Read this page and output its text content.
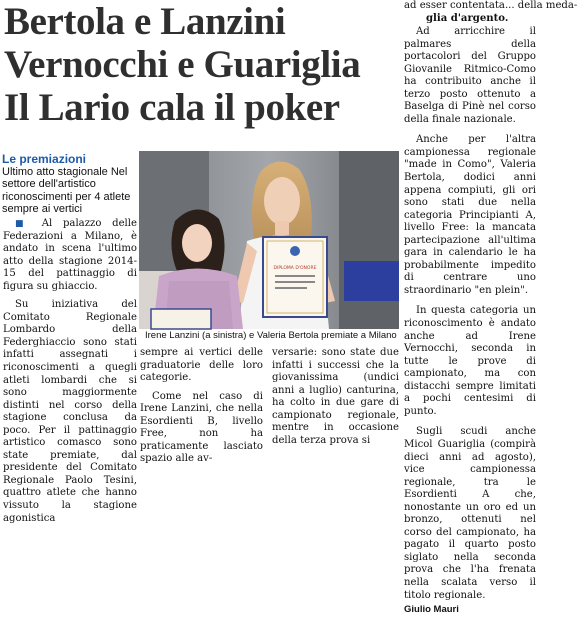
Bertola e Lanzini
Vernocchi e Guariglia
Il Lario cala il poker
ad esser contentata... della meda-
glia d'argento.

Ad arricchire il palmares della portacolori del Gruppo Giovanile Ritmico-Como ha contribuito anche il terzo posto ottenuto a Baselga di Pinè nel corso della finale nazionale.

Anche per l'altra campionessa regionale "made in Como", Valeria Bertola, dodici anni appena compiuti, gli ori sono stati due nella categoria Principianti A, livello Free: la mancata partecipazione all'ultima gara in calendario le ha probabilmente impedito di centrare uno straordinario "en plein".

In questa categoria un riconoscimento è andato anche ad Irene Vernocchi, seconda in tutte le prove di campionato, ma con distacchi sempre limitati a pochi centesimi di punto.

Sugli scudi anche Micol Guariglia (compirà dieci anni ad agosto), vice campionessa regionale, tra le Esordienti A che, nonostante un oro ed un bronzo, ottenuti nel corso del campionato, ha pagato il quarto posto siglato nella seconda prova che l'ha frenata nella scalata verso il titolo regionale.

Giulio Mauri
Le premiazioni
Ultimo atto stagionale Nel settore dell'artistico riconoscimenti per 4 atlete sempre ai vertici

■ Al palazzo delle Federazioni a Milano, è andato in scena l'ultimo atto della stagione 2014-15 del pattinaggio di figura su ghiaccio.

Su iniziativa del Comitato Regionale Lombardo della Federghiaccio sono stati infatti assegnati i riconoscimenti a quegli atleti lombardi che si sono maggiormente distinti nel corso della stagione conclusa da poco. Per il pattinaggio artistico comasco sono state premiate, dal presidente del Comitato Regionale Paolo Tesini, quattro atlete che hanno vissuto la stagione agonistica

DIPLOMA D'ONORE
Irene Lanzini (a sinistra) e Valeria Bertola premiate a Milano

sempre ai vertici delle graduatorie delle loro categorie.

Come nel caso di Irene Lanzini, che nella Esordienti B, livello Free, non ha praticamente lasciato spazio alle av-

versarie: sono state due infatti i successi che la giovanissima (undici anni a luglio) canturina, ha colto in due gare di campionato regionale, mentre in occasione della terza prova si
